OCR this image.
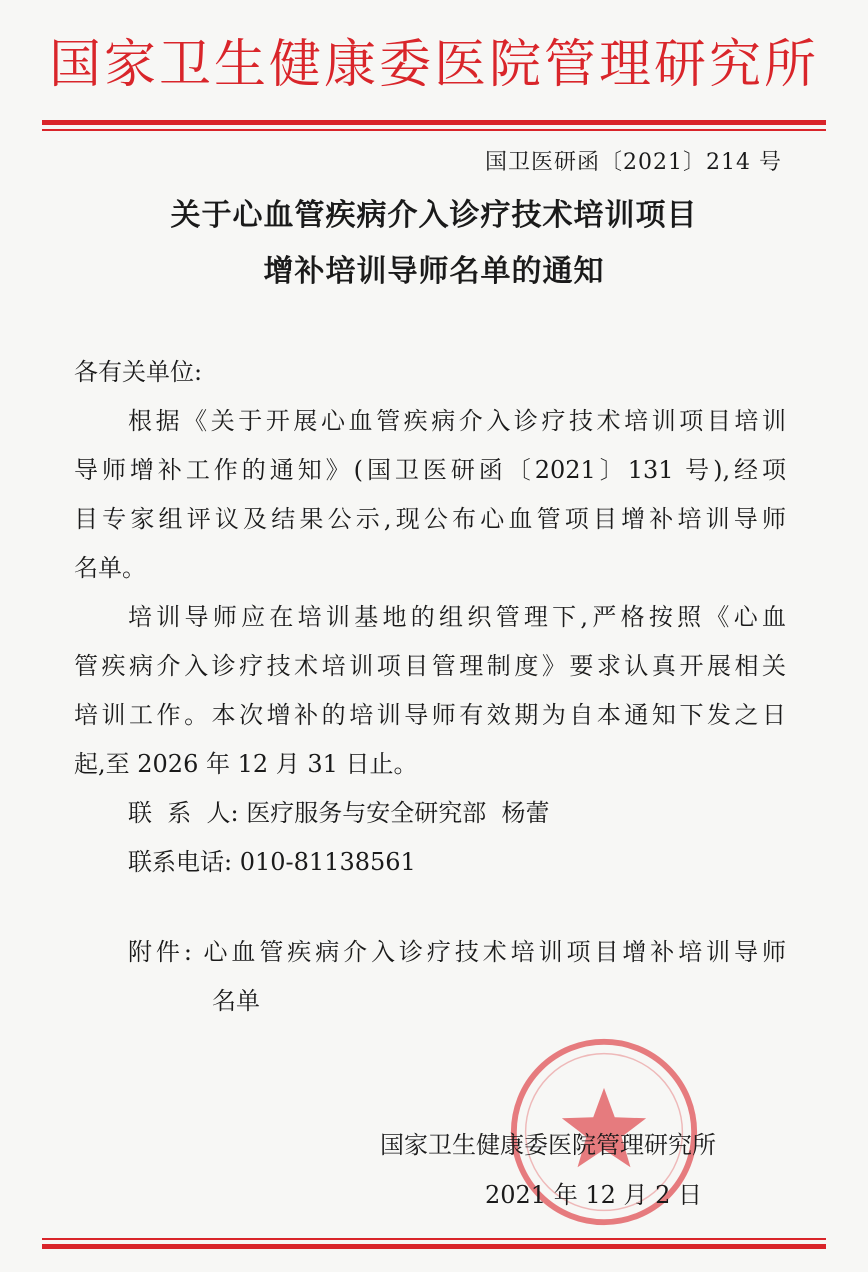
国家卫生健康委医院管理研究所
国卫医研函〔2021〕214 号
关于心血管疾病介入诊疗技术培训项目
增补培训导师名单的通知
各有关单位:
根据《关于开展心血管疾病介入诊疗技术培训项目培训
导师增补工作的通知》(国卫医研函〔2021〕131 号),经项
目专家组评议及结果公示,现公布心血管项目增补培训导师
名单。
培训导师应在培训基地的组织管理下,严格按照《心血
管疾病介入诊疗技术培训项目管理制度》要求认真开展相关
培训工作。本次增补的培训导师有效期为自本通知下发之日
起,至 2026 年 12 月 31 日止。
联  系  人: 医疗服务与安全研究部  杨蕾
联系电话: 010-81138561
附件: 心血管疾病介入诊疗技术培训项目增补培训导师
名单
国家卫生健康委医院管理研究所
2021 年 12 月 2 日
